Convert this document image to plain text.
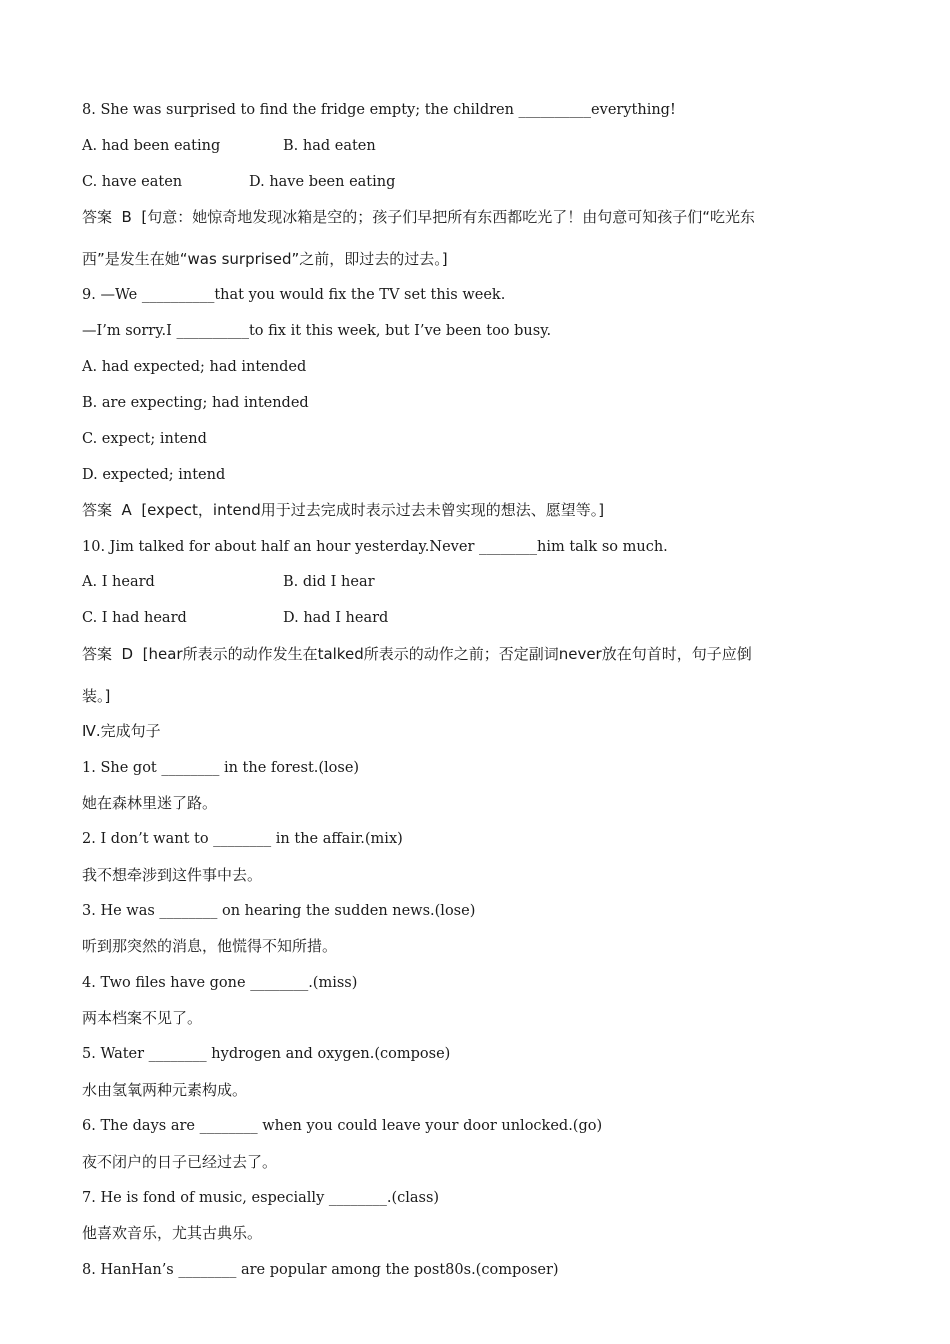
8. She was surprised to find the fridge empty; the children __________everything!
A. had been eating	B. had eaten
C. have eaten	D. have been eating
答案  B  [句意：她惊奇地发现冰箱是空的；孩子们早把所有东西都吃光了！由句意可知孩子们“吃光东
西”是发生在她“was surprised”之前，即过去的过去。]
9. —We __________that you would fix the TV set this week.
—I’m sorry.I __________to fix it this week, but I’ve been too busy.
A. had expected; had intended
B. are expecting; had intended
C. expect; intend
D. expected; intend
答案  A  [expect，intend用于过去完成时表示过去未曾实现的想法、愿望等。]
10. Jim talked for about half an hour yesterday.Never ________him talk so much.
A. I heard	B. did I hear
C. I had heard	D. had I heard
答案  D  [hear所表示的动作发生在talked所表示的动作之前；否定副词never放在句首时，句子应倒
装。]
Ⅳ.完成句子
1. She got ________ in the forest.(lose)
她在森林里迷了路。
2. I don’t want to ________ in the affair.(mix)
我不想牵涉到这件事中去。
3. He was ________ on hearing the sudden news.(lose)
听到那突然的消息，他慌得不知所措。
4. Two files have gone ________.(miss)
两本档案不见了。
5. Water ________ hydrogen and oxygen.(compose)
水由氢氧两种元素构成。
6. The days are ________ when you could leave your door unlocked.(go)
夜不闭户的日子已经过去了。
7. He is fond of music, especially ________.(class)
他喜欢音乐，尤其古典乐。
8. HanHan’s ________ are popular among the post80s.(composer)
